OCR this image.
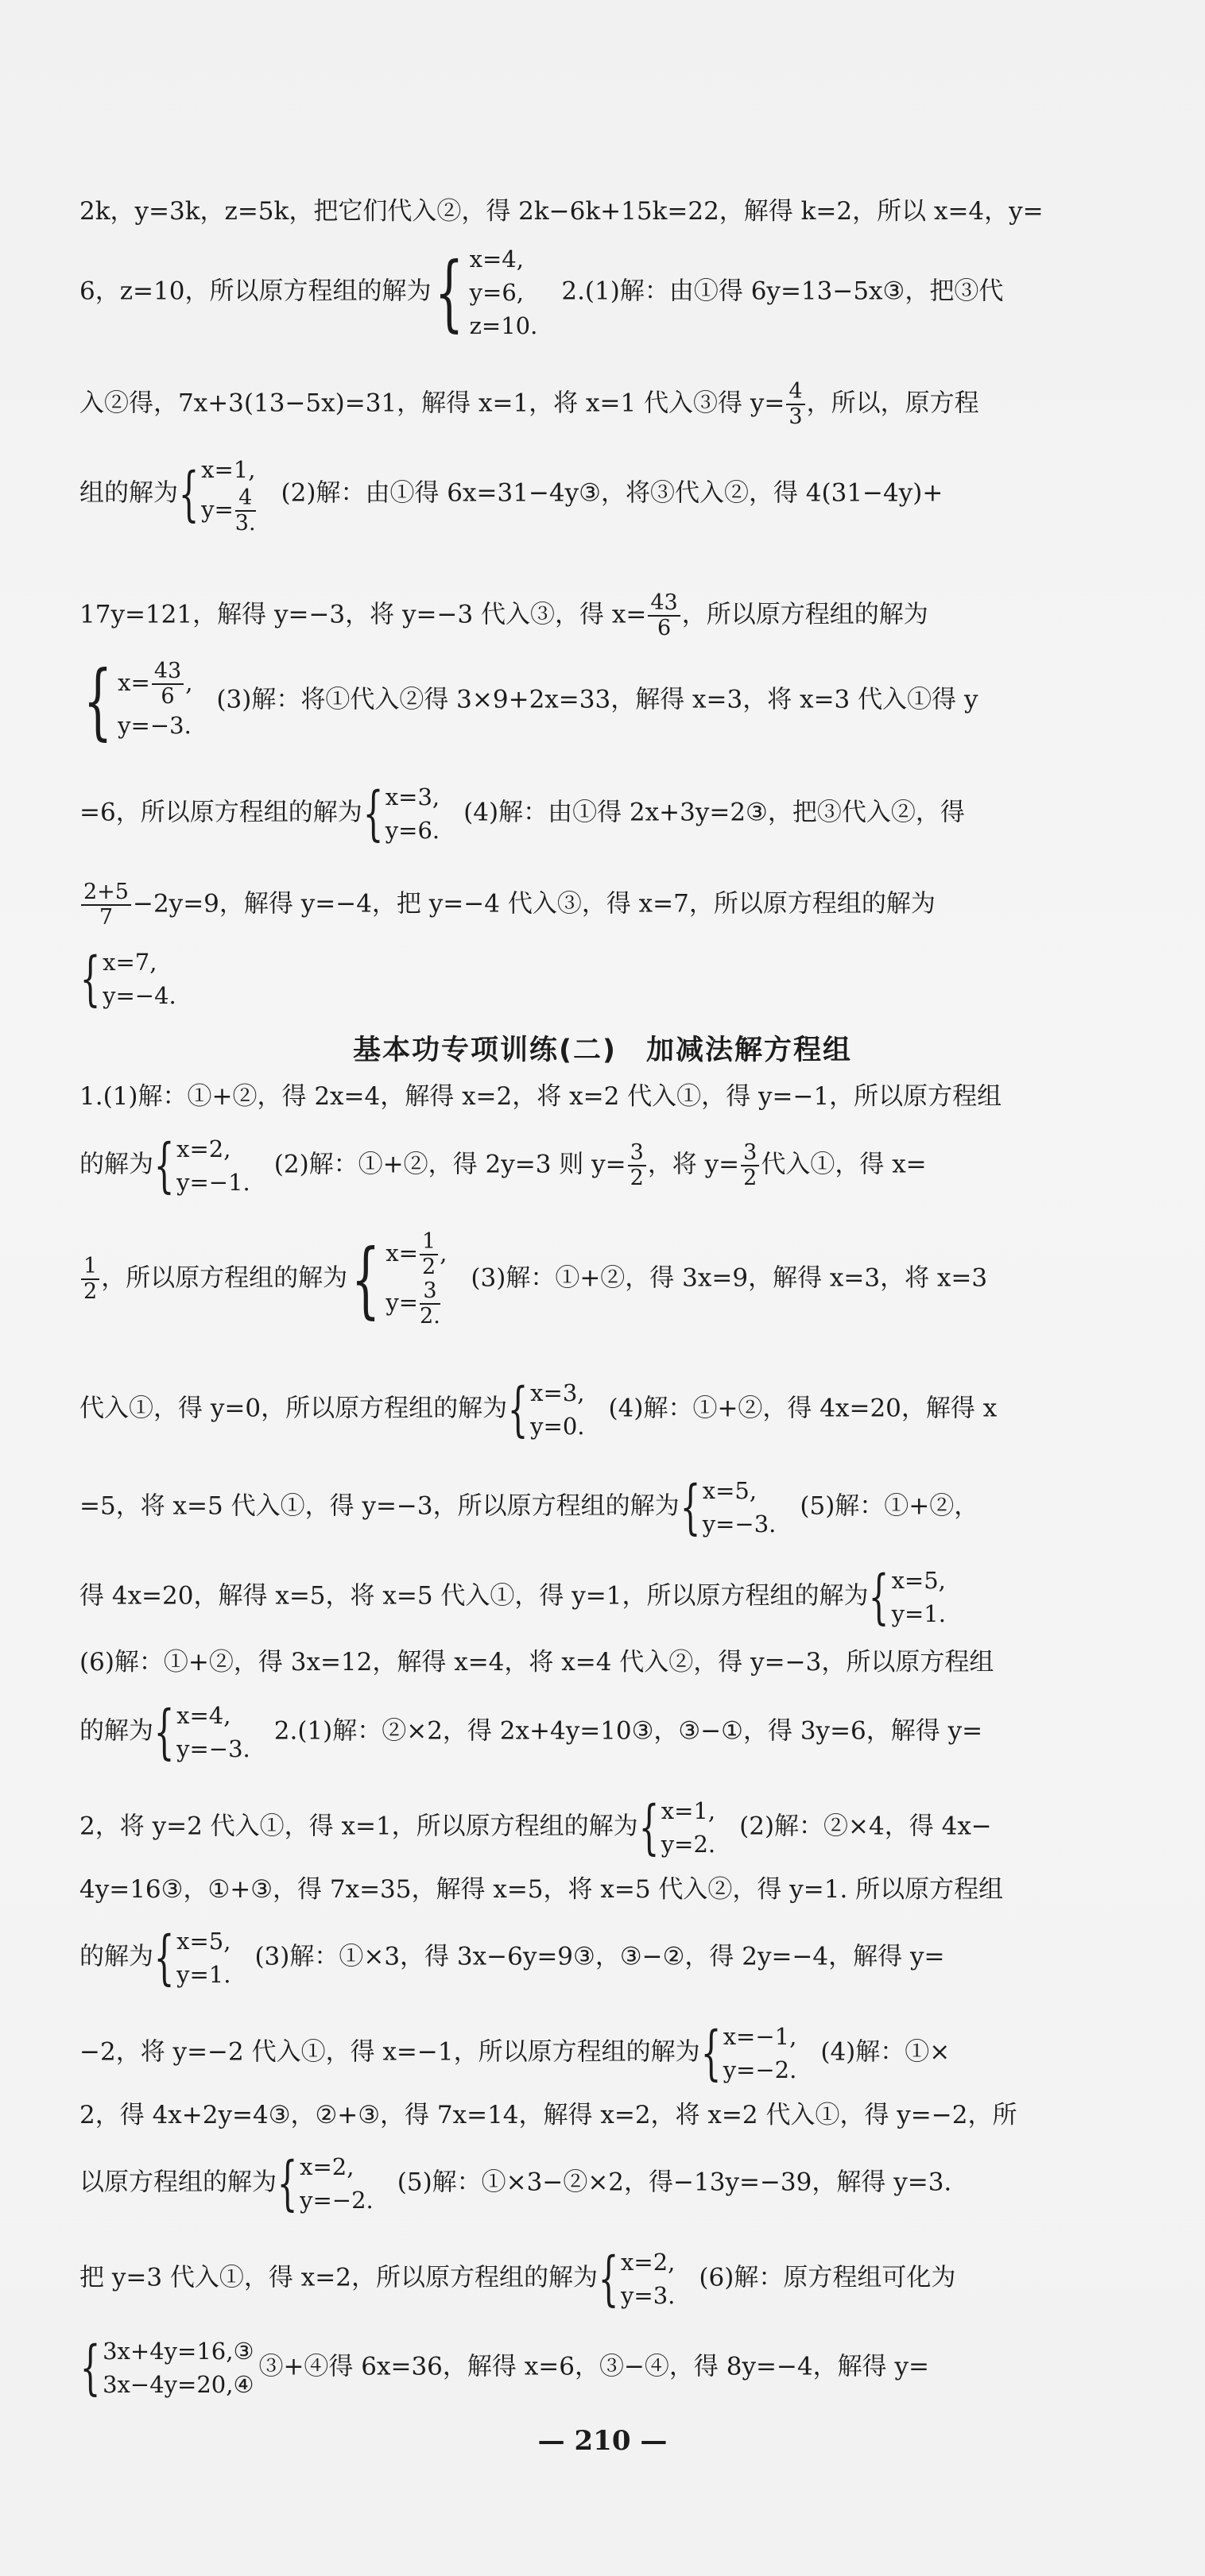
2k，y=3k，z=5k，把它们代入②，得 2k−6k+15k=22，解得 k=2，所以 x=4，y=
6，z=10，所以原方程组的解为{ x=4,
y=6,
z=10.
2.(1)解：由①得 6y=13−5x③，把③代
入②得，7x+3(13−5x)=31，解得 x=1，将 x=1 代入③得 $y= \frac{4}{3}$ ，所以，原方程
组的解为{ x=1,
$y= \frac{4}{3.} (2)$解：由①得 6x=31−4y③，将③代入②，得 4(31−4y)+
17y=121，解得 y=−3，将 y=−3 代入③，得 $x= \frac{43}{6}$ ，所以原方程组的解为
{ $x= \frac{43}{6}$ ,
y=−3.
(3)解：将①代入②得 3×9+2x=33，解得 x=3，将 x=3 代入①得 y
=6，所以原方程组的解为{ x=3,
y=6.
(4)解：由①得 2x+3y=2③，把③代入②，得
$\frac{2+5}{7} -2y=9$，解得 y=−4，把 y=−4 代入③，得 x=7，所以原方程组的解为
{ x=7,
y=−4.
基本功专项训练(二)　加减法解方程组
1.(1)解：①+②，得 2x=4，解得 x=2，将 x=2 代入①，得 y=−1，所以原方程组
的解为{ x=2,
y=−1.
(2)解：①+②，得 2y=3 则 $y= \frac{3}{2}$ ，将 $y= \frac{3}{2}$ 代入①，得 x=
$\frac{1}{2}$ ，所以原方程组的解为{ $x= \frac{1}{2}$ ,
$y= \frac{3}{2.}$
(3)解：①+②，得 3x=9，解得 x=3，将 x=3
代入①，得 y=0，所以原方程组的解为{ x=3,
y=0.
(4)解：①+②，得 4x=20，解得 x
=5，将 x=5 代入①，得 y=−3，所以原方程组的解为{ x=5,
y=−3.
(5)解：①+②，
得 4x=20，解得 x=5，将 x=5 代入①，得 y=1，所以原方程组的解为{ x=5,
y=1.
(6)解：①+②，得 3x=12，解得 x=4，将 x=4 代入②，得 y=−3，所以原方程组
的解为{ x=4,
y=−3.
2.(1)解：②×2，得 2x+4y=10③，③−①，得 3y=6，解得 y=
2，将 y=2 代入①，得 x=1，所以原方程组的解为{ x=1,
y=2.
(2)解：②×4，得 4x−
4y=16③，①+③，得 7x=35，解得 x=5，将 x=5 代入②，得 y=1. 所以原方程组
的解为{ x=5,
y=1.
(3)解：①×3，得 3x−6y=9③，③−②，得 2y=−4，解得 y=
−2，将 y=−2 代入①，得 x=−1，所以原方程组的解为{ x=−1,
y=−2.
(4)解：①×
2，得 4x+2y=4③，②+③，得 7x=14，解得 x=2，将 x=2 代入①，得 y=−2，所
以原方程组的解为{ x=2,
y=−2.
(5)解：①×3−②×2，得−13y=−39，解得 y=3.
把 y=3 代入①，得 x=2，所以原方程组的解为{ x=2,
y=3.
(6)解：原方程组可化为
{ 3x+4y=16,③
3x−4y=20,④
③+④得 6x=36，解得 x=6，③−④，得 8y=−4，解得 y=
— 210 —
